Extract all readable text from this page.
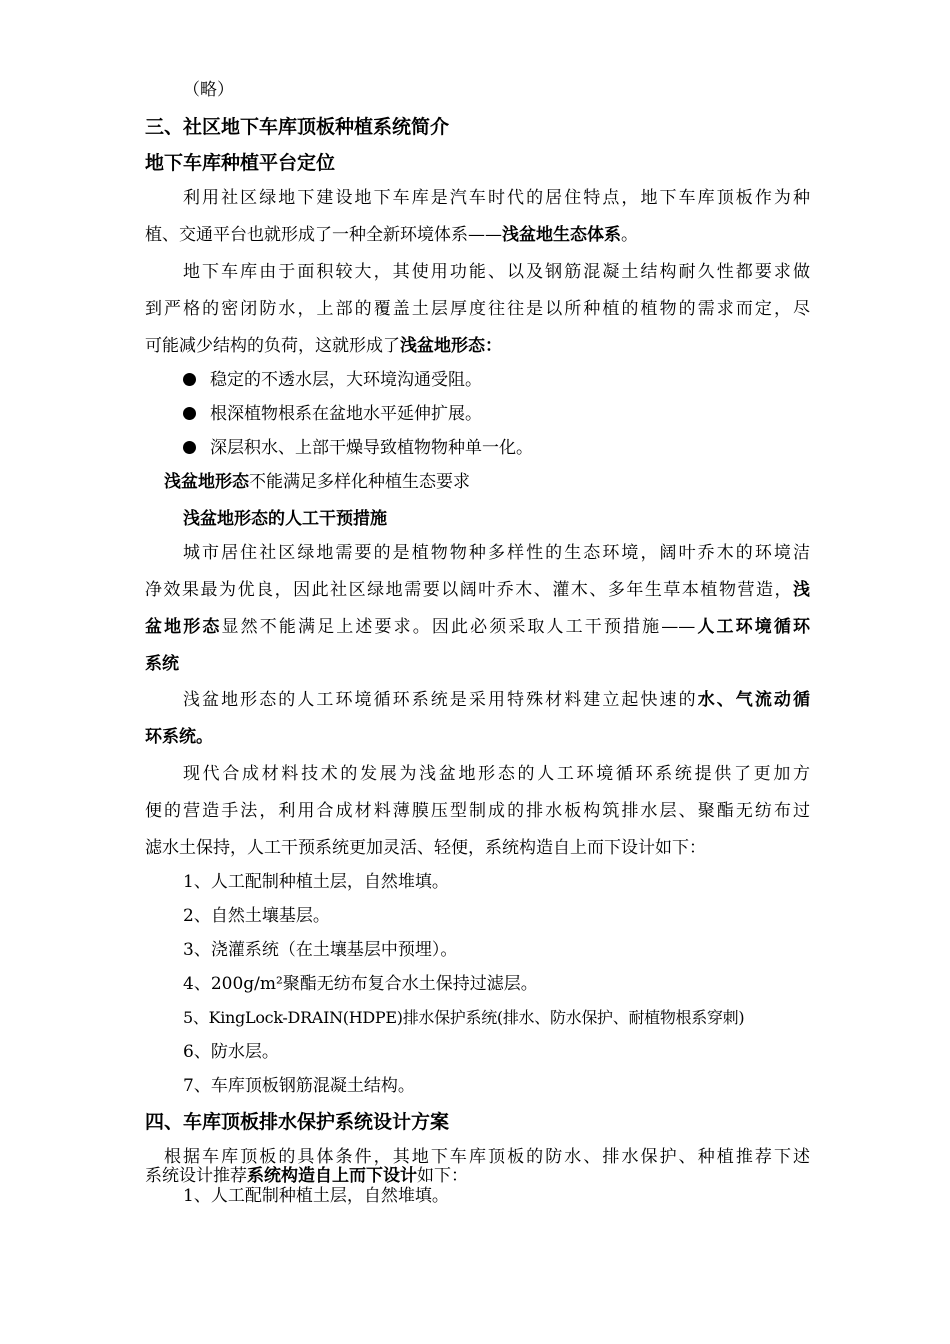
（略）
三、社区地下车库顶板种植系统简介
地下车库种植平台定位
利用社区绿地下建设地下车库是汽车时代的居住特点，地下车库顶板作为种
植、交通平台也就形成了一种全新环境体系——浅盆地生态体系。
地下车库由于面积较大，其使用功能、以及钢筋混凝土结构耐久性都要求做
到严格的密闭防水，上部的覆盖土层厚度往往是以所种植的植物的需求而定，尽
可能减少结构的负荷，这就形成了浅盆地形态：
稳定的不透水层，大环境沟通受阻。
根深植物根系在盆地水平延伸扩展。
深层积水、上部干燥导致植物物种单一化。
浅盆地形态不能满足多样化种植生态要求
浅盆地形态的人工干预措施
城市居住社区绿地需要的是植物物种多样性的生态环境，阔叶乔木的环境洁
净效果最为优良，因此社区绿地需要以阔叶乔木、灌木、多年生草本植物营造，浅
盆地形态显然不能满足上述要求。因此必须采取人工干预措施——人工环境循环
系统
浅盆地形态的人工环境循环系统是采用特殊材料建立起快速的水、气流动循
环系统。
现代合成材料技术的发展为浅盆地形态的人工环境循环系统提供了更加方
便的营造手法，利用合成材料薄膜压型制成的排水板构筑排水层、聚酯无纺布过
滤水土保持，人工干预系统更加灵活、轻便，系统构造自上而下设计如下：
1、人工配制种植土层，自然堆填。
2、自然土壤基层。
3、浇灌系统（在土壤基层中预埋）。
4、200g/m²聚酯无纺布复合水土保持过滤层。
5、KingLock-DRAIN(HDPE)排水保护系统(排水、防水保护、耐植物根系穿刺)
6、防水层。
7、车库顶板钢筋混凝土结构。
四、车库顶板排水保护系统设计方案
根据车库顶板的具体条件，其地下车库顶板的防水、排水保护、种植推荐下述
系统设计推荐系统构造自上而下设计如下：
1、人工配制种植土层，自然堆填。
